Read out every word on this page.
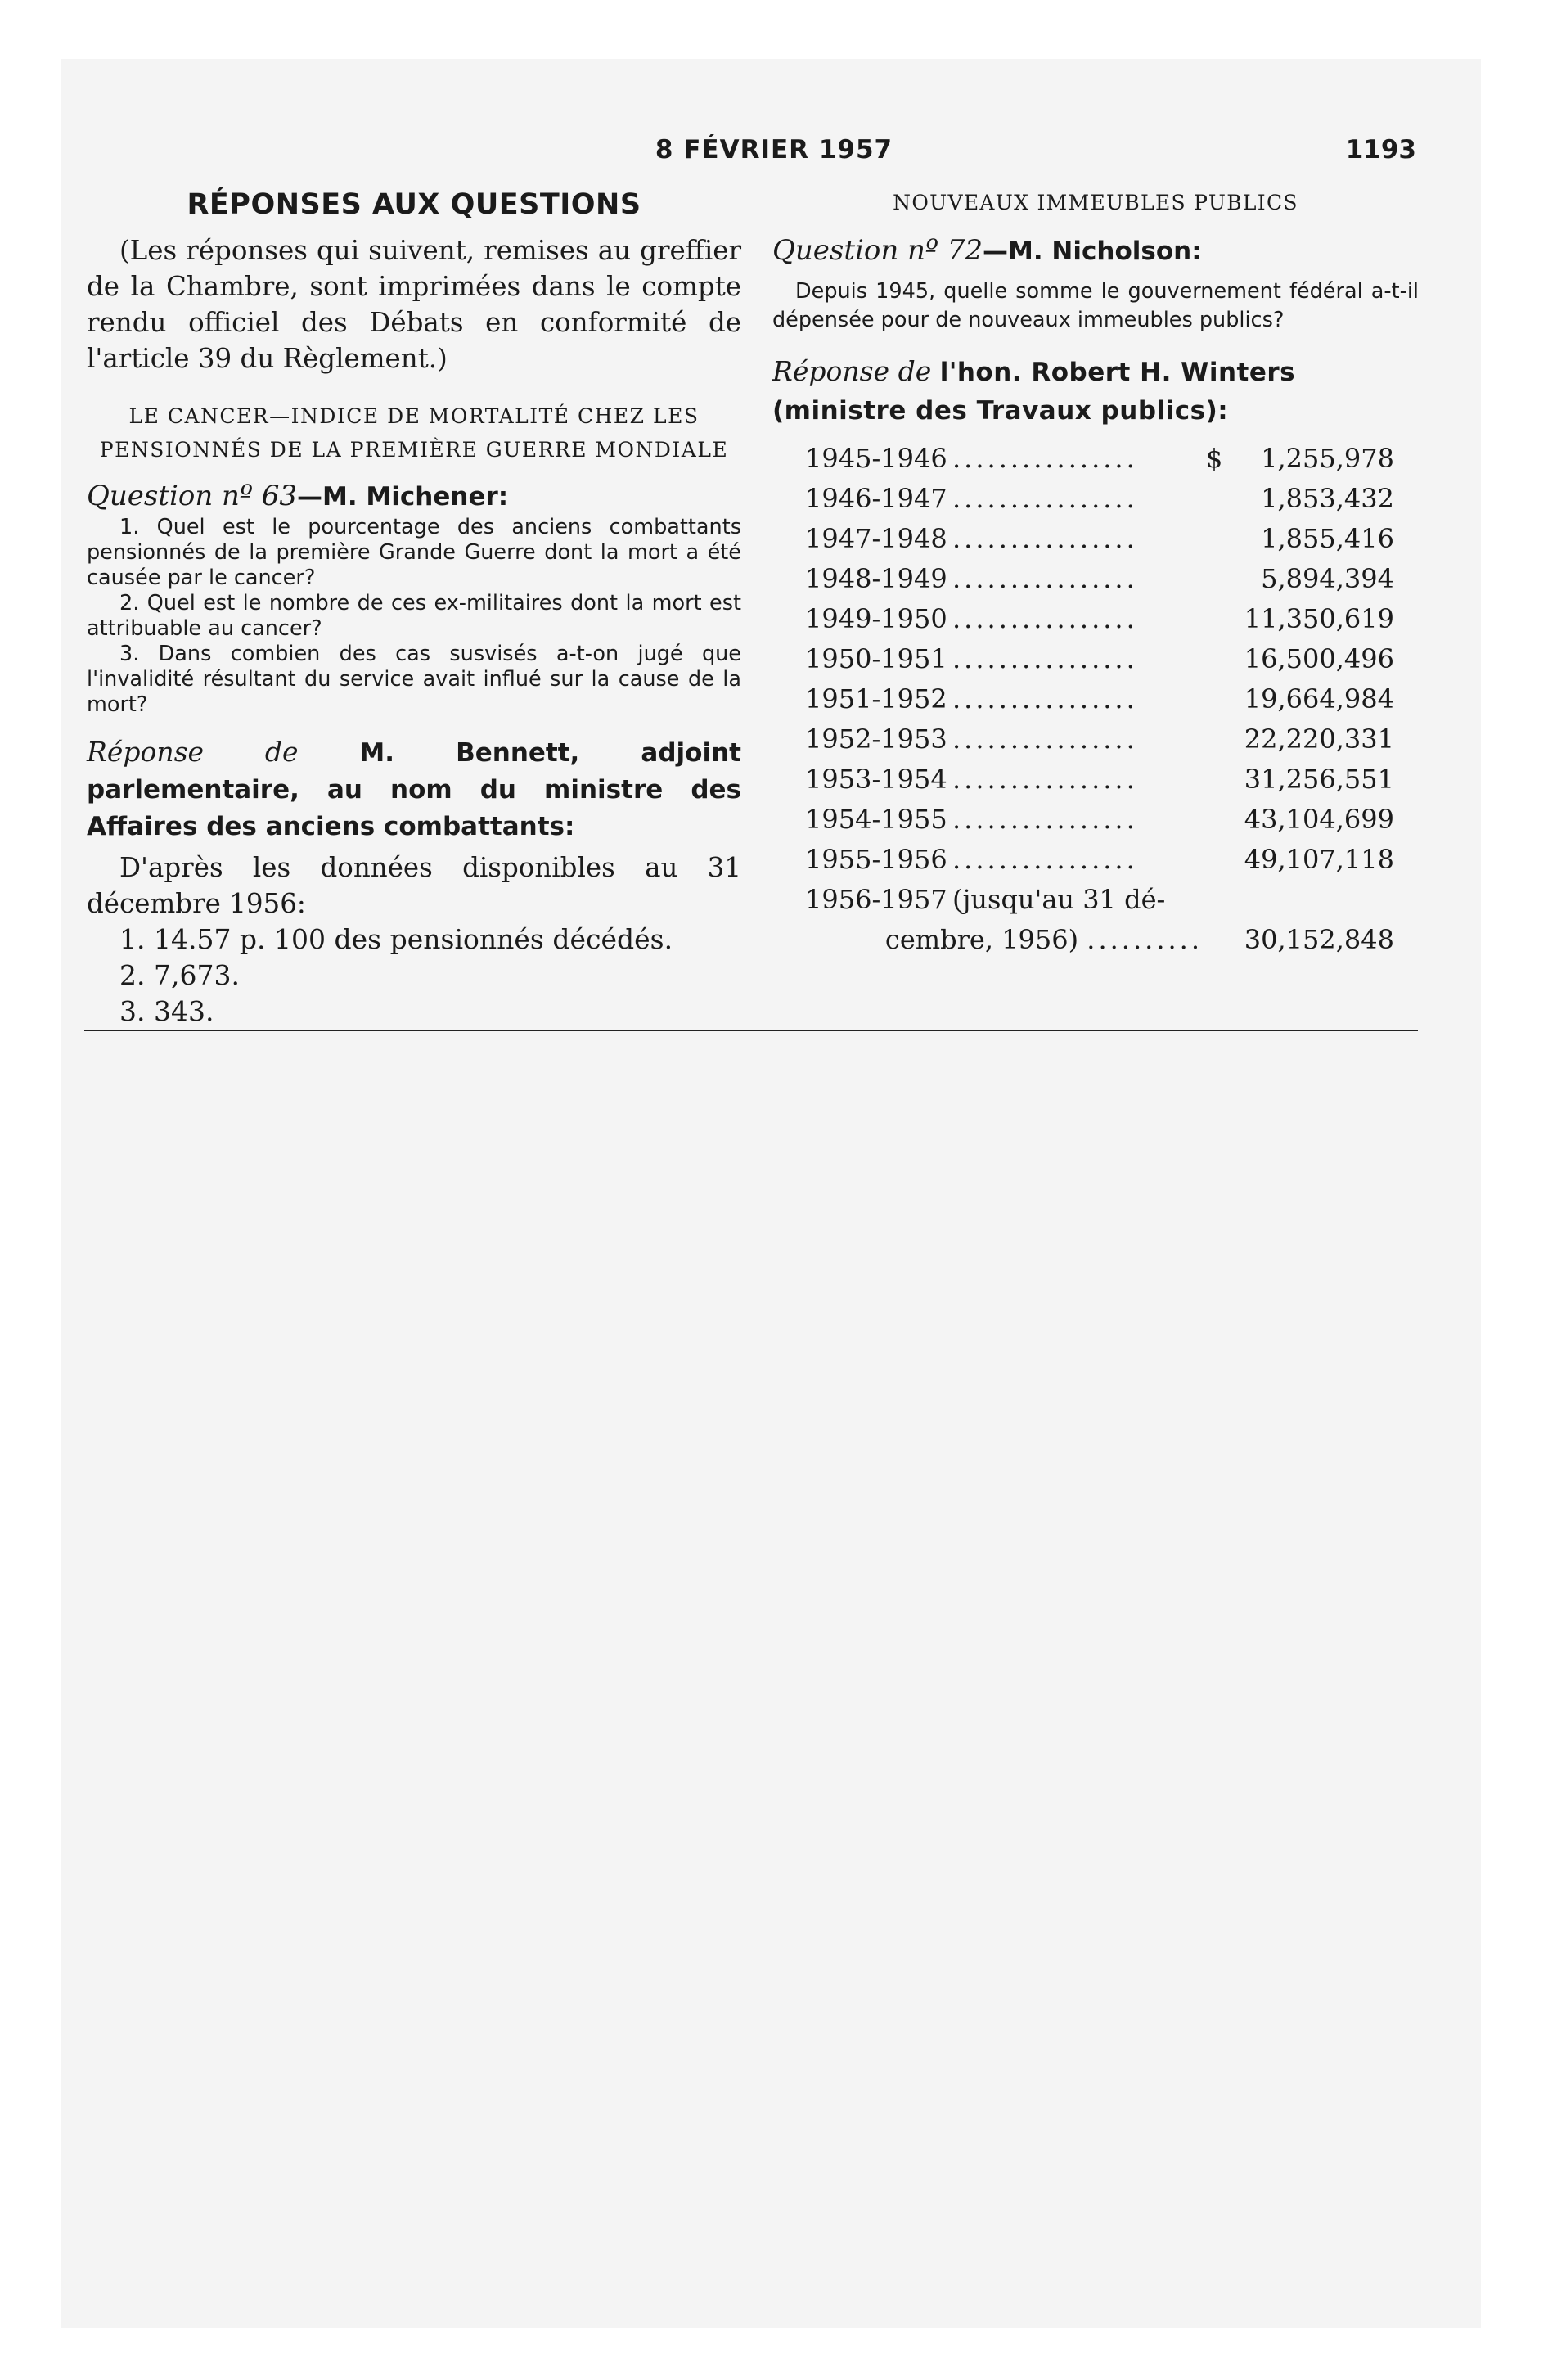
8 FÉVRIER 1957	1193
RÉPONSES AUX QUESTIONS

(Les réponses qui suivent, remises au greffier de la Chambre, sont imprimées dans le compte rendu officiel des Débats en conformité de l'article 39 du Règlement.)

LE CANCER—INDICE DE MORTALITÉ CHEZ LES PENSIONNÉS DE LA PREMIÈRE GUERRE MONDIALE

Question nº 63—M. Michener:

1. Quel est le pourcentage des anciens combattants pensionnés de la première Grande Guerre dont la mort a été causée par le cancer?

2. Quel est le nombre de ces ex-militaires dont la mort est attribuable au cancer?

3. Dans combien des cas susvisés a-t-on jugé que l'invalidité résultant du service avait influé sur la cause de la mort?

Réponse de M. Bennett, adjoint parlementaire, au nom du ministre des Affaires des anciens combattants:

D'après les données disponibles au 31 décembre 1956:

1. 14.57 p. 100 des pensionnés décédés.

2. 7,673.

3. 343.

NOUVEAUX IMMEUBLES PUBLICS

Question nº 72—M. Nicholson:

Depuis 1945, quelle somme le gouvernement fédéral a-t-il dépensée pour de nouveaux immeubles publics?

Réponse de l'hon. Robert H. Winters (ministre des Travaux publics):

1945-1946	................	$	1,255,978
1946-1947	................		1,853,432
1947-1948	................		1,855,416
1948-1949	................		5,894,394
1949-1950	................		11,350,619
1950-1951	................		16,500,496
1951-1952	................		19,664,984
1952-1953	................		22,220,331
1953-1954	................		31,256,551
1954-1955	................		43,104,699
1955-1956	................		49,107,118
1956-1957	(jusqu'au 31 dé-		
cembre, 1956) ..........			30,152,848
